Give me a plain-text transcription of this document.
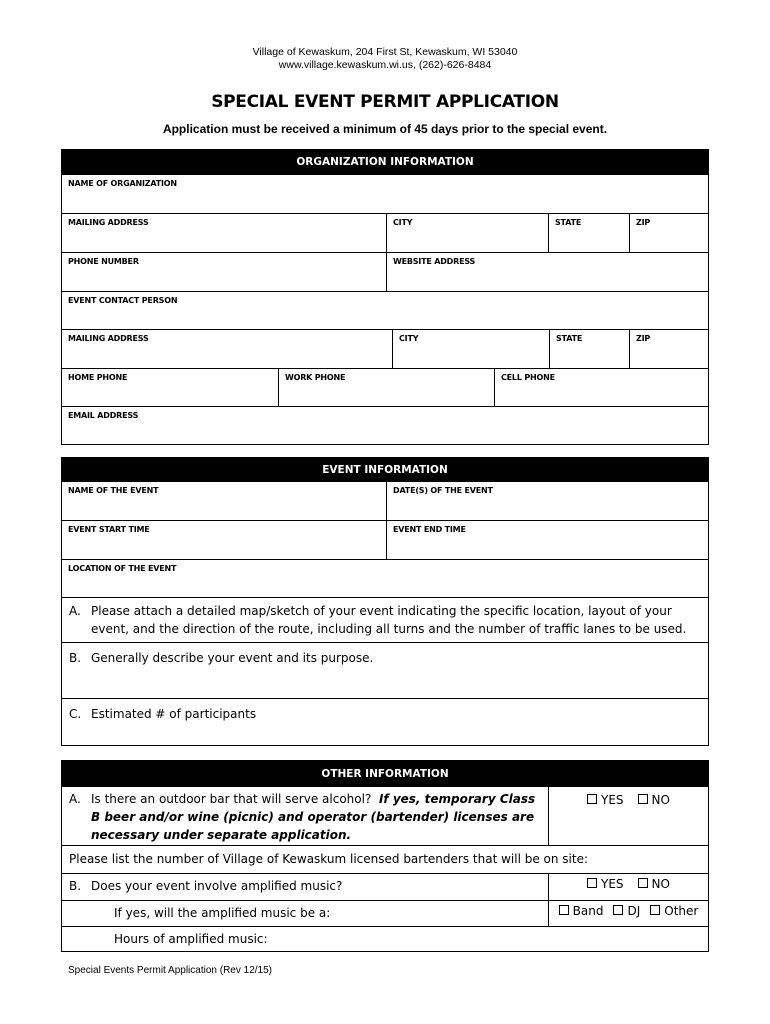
Village of Kewaskum, 204 First St, Kewaskum, WI 53040
www.village.kewaskum.wi.us, (262)-626-8484
SPECIAL EVENT PERMIT APPLICATION
Application must be received a minimum of 45 days prior to the special event.
ORGANIZATION INFORMATION
NAME OF ORGANIZATION
MAILING ADDRESS	CITY	STATE	ZIP
PHONE NUMBER	WEBSITE ADDRESS
EVENT CONTACT PERSON
MAILING ADDRESS	CITY	STATE	ZIP
HOME PHONE	WORK PHONE	CELL PHONE
EMAIL ADDRESS
EVENT INFORMATION
NAME OF THE EVENT	DATE(S) OF THE EVENT
EVENT START TIME	EVENT END TIME
LOCATION OF THE EVENT
A. Please attach a detailed map/sketch of your event indicating the specific location, layout of your event, and the direction of the route, including all turns and the number of traffic lanes to be used.
B. Generally describe your event and its purpose.
C. Estimated # of participants
OTHER INFORMATION
A. Is there an outdoor bar that will serve alcohol? If yes, temporary Class B beer and/or wine (picnic) and operator (bartender) licenses are necessary under separate application.
YES	NO
Please list the number of Village of Kewaskum licensed bartenders that will be on site:
B. Does your event involve amplified music?	YES	NO
If yes, will the amplified music be a:	Band	DJ	Other
Hours of amplified music:
Special Events Permit Application (Rev 12/15)
